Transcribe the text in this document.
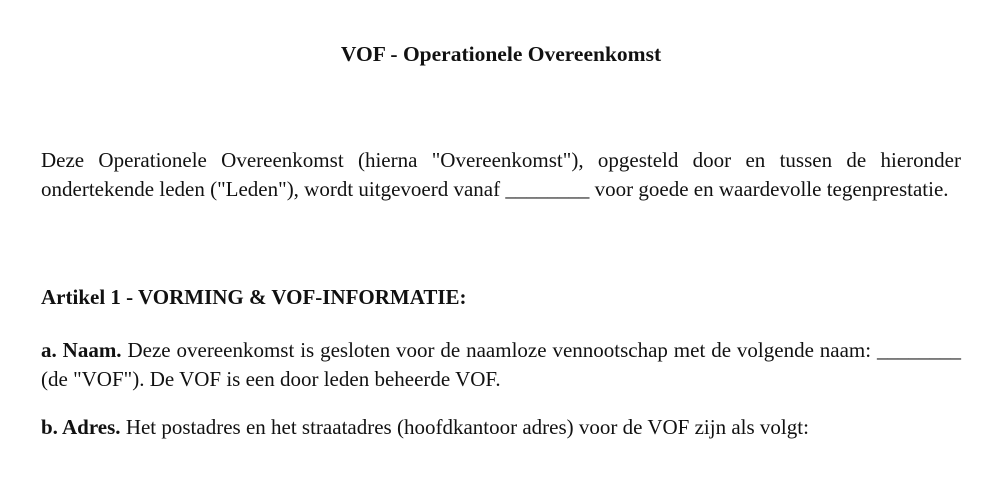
VOF - Operationele Overeenkomst

Deze Operationele Overeenkomst (hierna "Overeenkomst"), opgesteld door en tussen de hieronder ondertekende leden ("Leden"), wordt uitgevoerd vanaf ________ voor goede en waardevolle tegenprestatie.

Artikel 1 - VORMING & VOF-INFORMATIE:

a. Naam. Deze overeenkomst is gesloten voor de naamloze vennootschap met de volgende naam: ________ (de "VOF"). De VOF is een door leden beheerde VOF.

b. Adres. Het postadres en het straatadres (hoofdkantoor adres) voor de VOF zijn als volgt:
